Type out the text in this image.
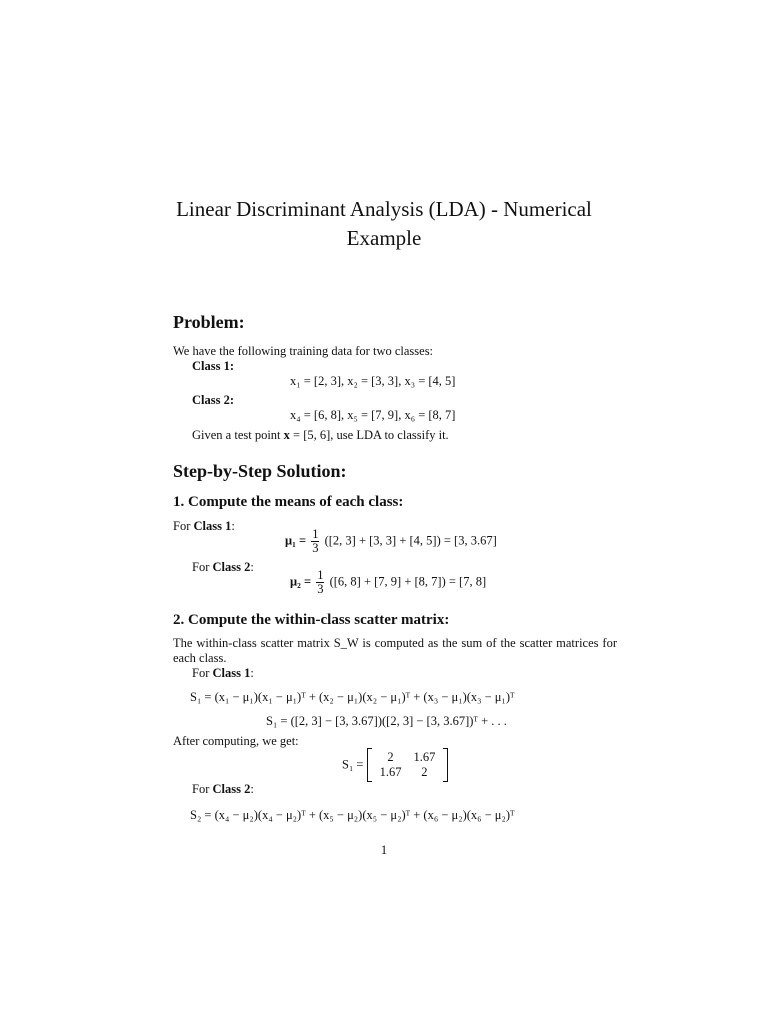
Linear Discriminant Analysis (LDA) - Numerical
Example
Problem:
We have the following training data for two classes:
Class 1:
x₁ = [2, 3], x₂ = [3, 3], x₃ = [4, 5]
Class 2:
x₄ = [6, 8], x₅ = [7, 9], x₆ = [8, 7]
Given a test point x = [5, 6], use LDA to classify it.
Step-by-Step Solution:
1. Compute the means of each class:
For Class 1:
$\mu_1 = \frac{1}{3} ([2$, 3] + [3, 3] + [4, 5]) = [3, 3.67]
For Class 2:
$\mu_2 = \frac{1}{3} ([6$, 8] + [7, 9] + [8, 7]) = [7, 8]
2. Compute the within-class scatter matrix:
The within-class scatter matrix S_W is computed as the sum of the scatter matrices for each class.
For Class 1:
S₁ = (x₁ − μ₁)(x₁ − μ₁)ᵀ + (x₂ − μ₁)(x₂ − μ₁)ᵀ + (x₃ − μ₁)(x₃ − μ₁)ᵀ
S₁ = ([2, 3] − [3, 3.67])([2, 3] − [3, 3.67])ᵀ + . . .
After computing, we get:
S₁ =
2	1.67
1.67	2
For Class 2:
S₂ = (x₄ − μ₂)(x₄ − μ₂)ᵀ + (x₅ − μ₂)(x₅ − μ₂)ᵀ + (x₆ − μ₂)(x₆ − μ₂)ᵀ
1
